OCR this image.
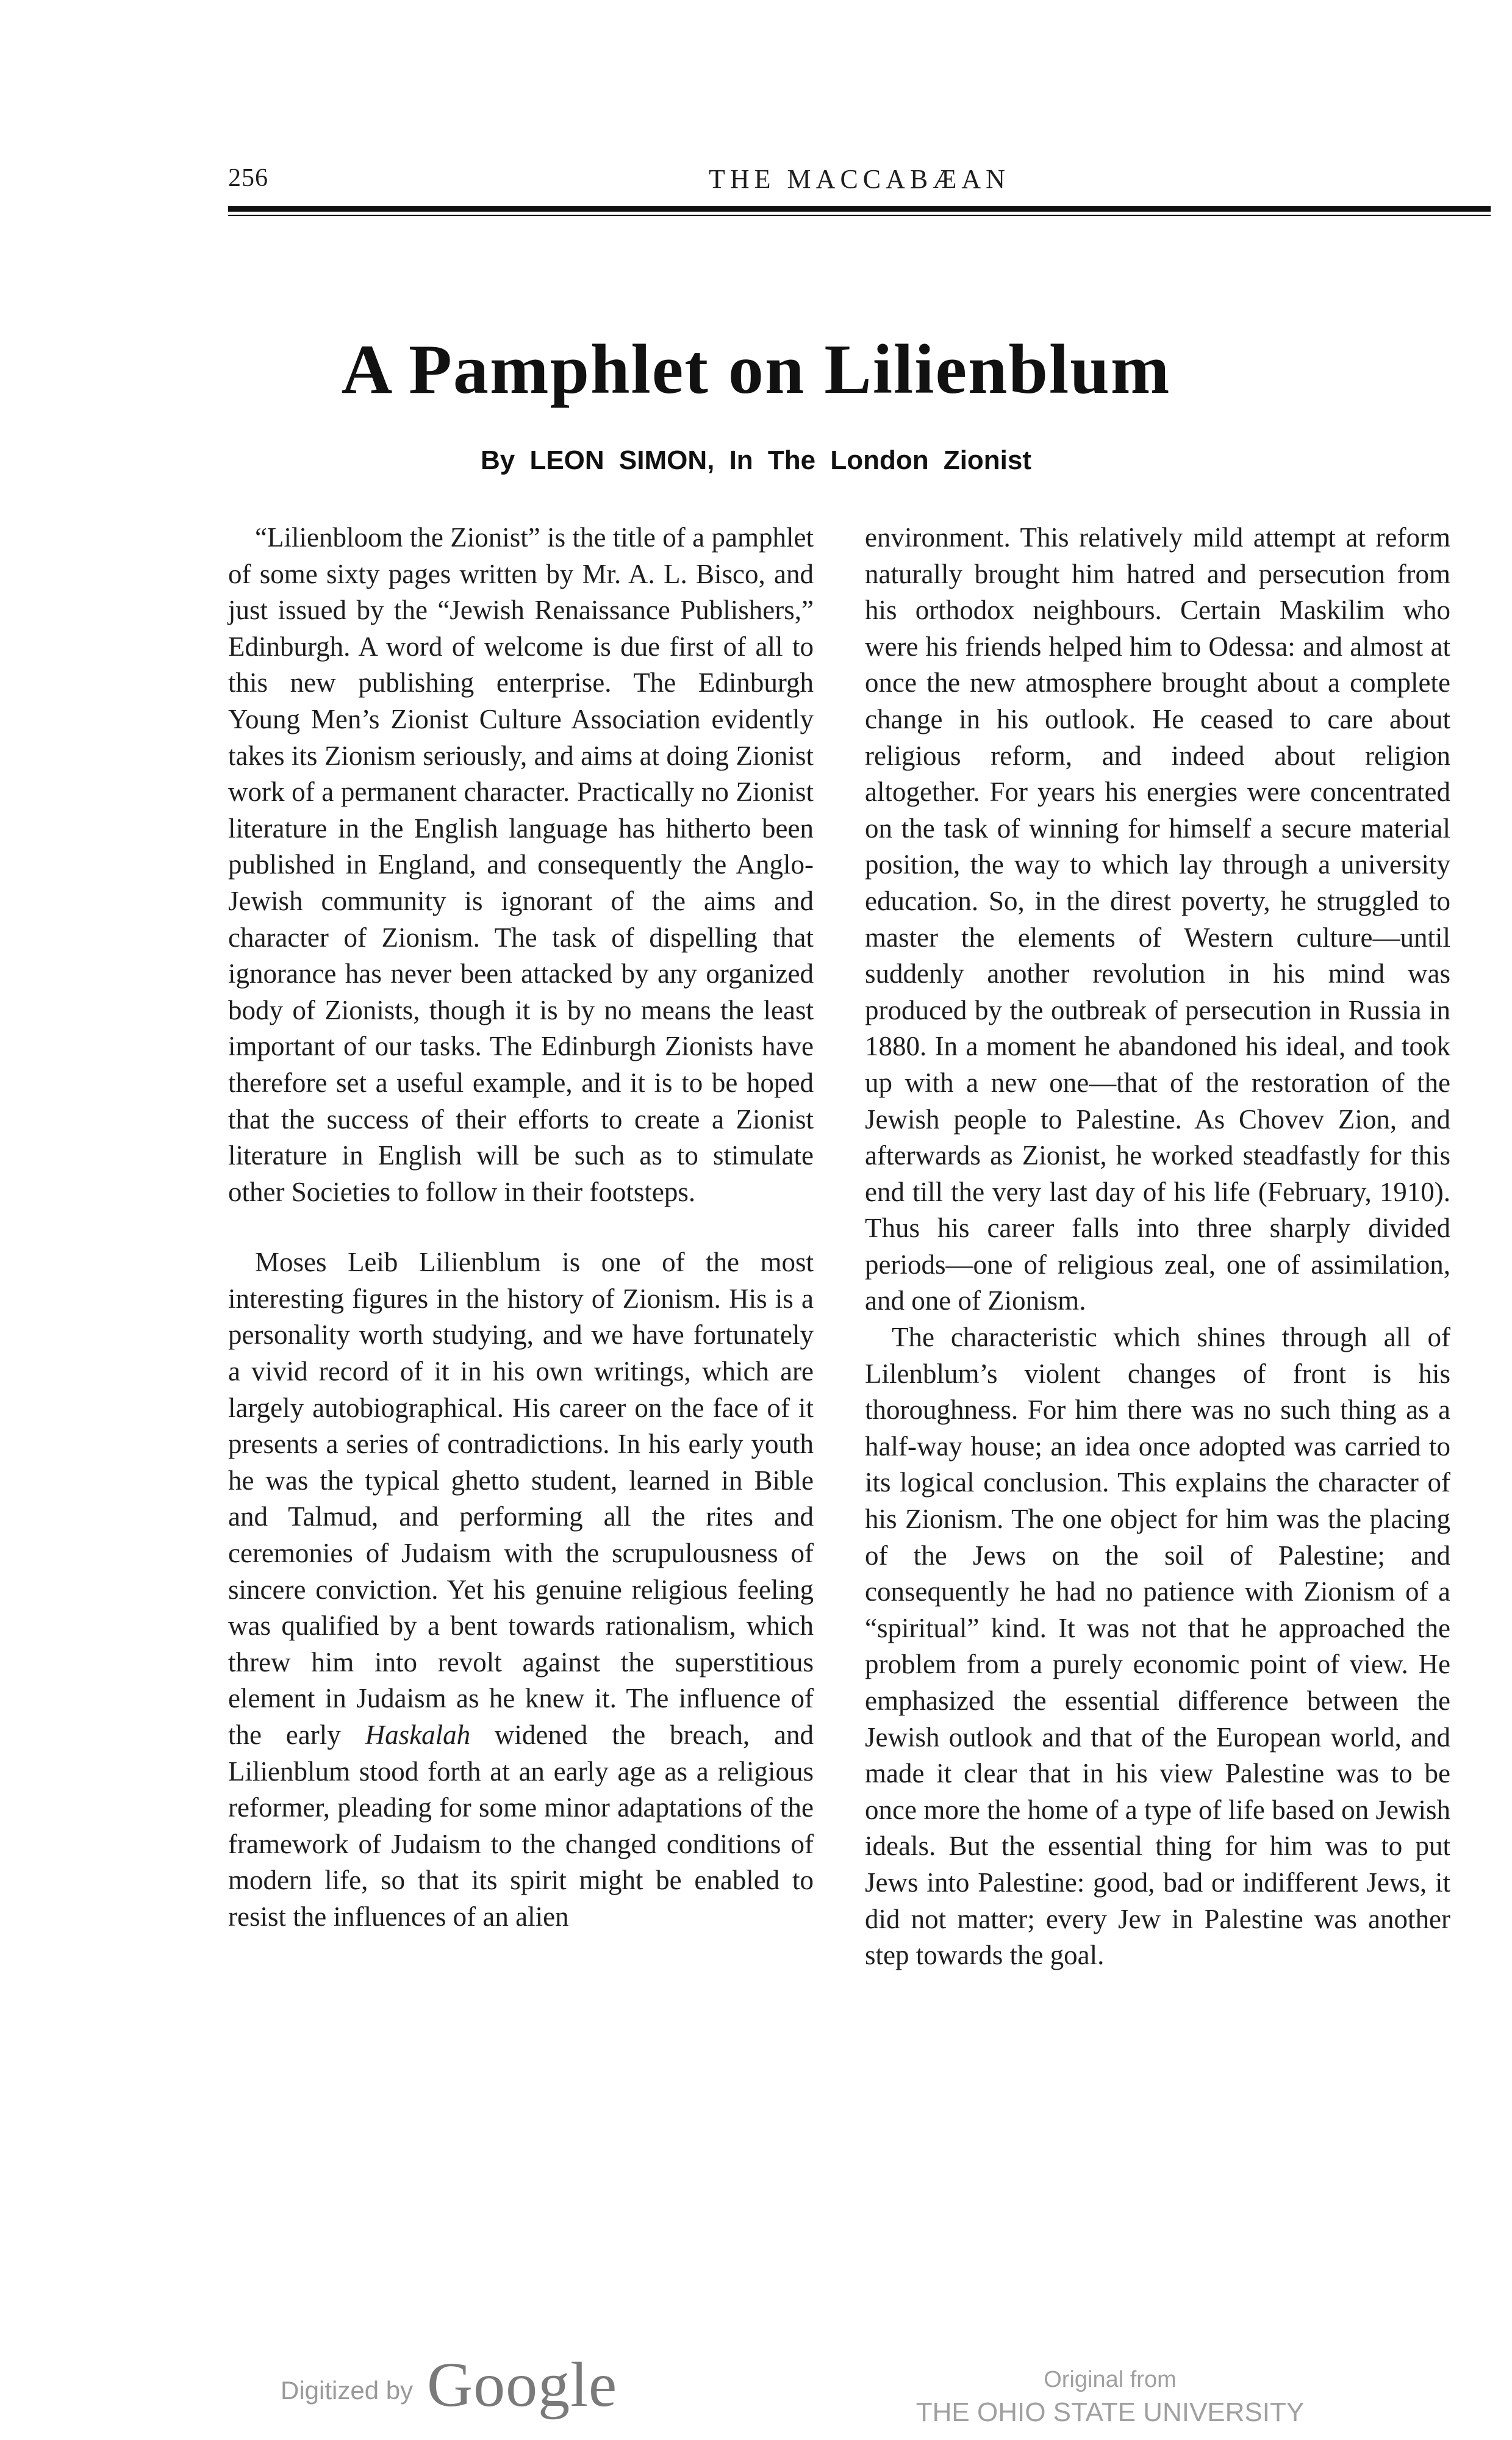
256	THE MACCABÆAN
A Pamphlet on Lilienblum
By LEON SIMON, In The London Zionist

“Lilienbloom the Zionist” is the title of a pamphlet of some sixty pages written by Mr. A. L. Bisco, and just issued by the “Jewish Renaissance Publishers,” Edinburgh. A word of welcome is due first of all to this new publishing enterprise. The Edinburgh Young Men’s Zionist Culture Association evidently takes its Zionism seriously, and aims at doing Zionist work of a permanent character. Practically no Zionist literature in the English language has hitherto been published in England, and consequently the Anglo-Jewish community is ignorant of the aims and character of Zionism. The task of dispelling that ignorance has never been attacked by any organized body of Zionists, though it is by no means the least important of our tasks. The Edinburgh Zionists have therefore set a useful example, and it is to be hoped that the success of their efforts to create a Zionist literature in English will be such as to stimulate other Societies to follow in their footsteps.

Moses Leib Lilienblum is one of the most interesting figures in the history of Zionism. His is a personality worth studying, and we have fortunately a vivid record of it in his own writings, which are largely autobiographical. His career on the face of it presents a series of contradictions. In his early youth he was the typical ghetto student, learned in Bible and Talmud, and performing all the rites and ceremonies of Judaism with the scrupulousness of sincere conviction. Yet his genuine religious feeling was qualified by a bent towards rationalism, which threw him into revolt against the superstitious element in Judaism as he knew it. The influence of the early Haskalah widened the breach, and Lilienblum stood forth at an early age as a religious reformer, pleading for some minor adaptations of the framework of Judaism to the changed conditions of modern life, so that its spirit might be enabled to resist the influences of an alien

environment. This relatively mild attempt at reform naturally brought him hatred and persecution from his orthodox neighbours. Certain Maskilim who were his friends helped him to Odessa: and almost at once the new atmosphere brought about a complete change in his outlook. He ceased to care about religious reform, and indeed about religion altogether. For years his energies were concentrated on the task of winning for himself a secure material position, the way to which lay through a university education. So, in the direst poverty, he struggled to master the elements of Western culture—until suddenly another revolution in his mind was produced by the outbreak of persecution in Russia in 1880. In a moment he abandoned his ideal, and took up with a new one—that of the restoration of the Jewish people to Palestine. As Chovev Zion, and afterwards as Zionist, he worked steadfastly for this end till the very last day of his life (February, 1910). Thus his career falls into three sharply divided periods—one of religious zeal, one of assimilation, and one of Zionism.

The characteristic which shines through all of Lilenblum’s violent changes of front is his thoroughness. For him there was no such thing as a half-way house; an idea once adopted was carried to its logical conclusion. This explains the character of his Zionism. The one object for him was the placing of the Jews on the soil of Palestine; and consequently he had no patience with Zionism of a “spiritual” kind. It was not that he approached the problem from a purely economic point of view. He emphasized the essential difference between the Jewish outlook and that of the European world, and made it clear that in his view Palestine was to be once more the home of a type of life based on Jewish ideals. But the essential thing for him was to put Jews into Palestine: good, bad or indifferent Jews, it did not matter; every Jew in Palestine was another step towards the goal.

Digitized by Google	Original from
THE OHIO STATE UNIVERSITY
